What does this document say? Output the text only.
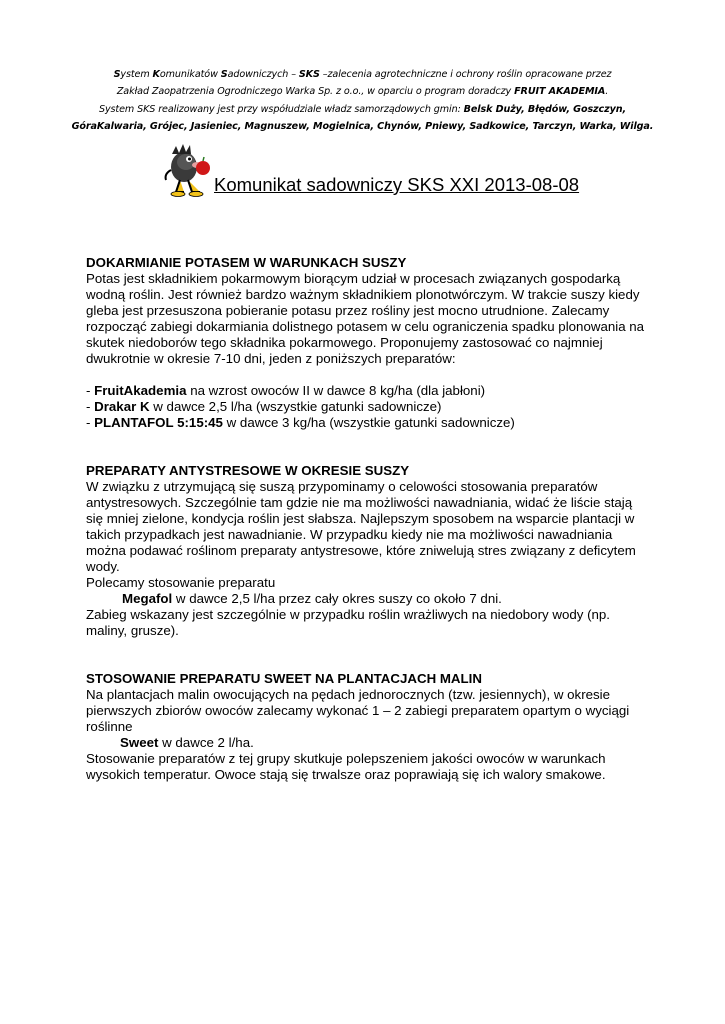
System Komunikatów Sadowniczych – SKS –zalecenia agrotechniczne i ochrony roślin opracowane przez
Zakład Zaopatrzenia Ogrodniczego Warka Sp. z o.o., w oparciu o program doradczy FRUIT AKADEMIA.
System SKS realizowany jest przy współudziale władz samorządowych gmin: Belsk Duży, Błędów, Goszczyn,
GóraKalwaria, Grójec, Jasieniec, Magnuszew, Mogielnica, Chynów, Pniewy, Sadkowice, Tarczyn, Warka, Wilga.
Komunikat sadowniczy SKS XXI 2013-08-08

DOKARMIANIE POTASEM W WARUNKACH SUSZY

Potas jest składnikiem pokarmowym biorącym udział w procesach związanych gospodarką

wodną roślin. Jest również bardzo ważnym składnikiem plonotwórczym. W trakcie suszy kiedy

gleba jest przesuszona pobieranie potasu przez rośliny jest mocno utrudnione. Zalecamy

rozpocząć zabiegi dokarmiania dolistnego potasem w celu ograniczenia spadku plonowania na

skutek niedoborów tego składnika pokarmowego. Proponujemy zastosować co najmniej

dwukrotnie w okresie 7-10 dni, jeden z poniższych preparatów:

- FruitAkademia na wzrost owoców II w dawce 8 kg/ha (dla jabłoni)

- Drakar K w dawce 2,5 l/ha (wszystkie gatunki sadownicze)

- PLANTAFOL 5:15:45 w dawce 3 kg/ha (wszystkie gatunki sadownicze)

PREPARATY ANTYSTRESOWE W OKRESIE SUSZY

W związku z utrzymującą się suszą przypominamy o celowości stosowania preparatów

antystresowych. Szczególnie tam gdzie nie ma możliwości nawadniania, widać że liście stają

się mniej zielone, kondycja roślin jest słabsza. Najlepszym sposobem na wsparcie plantacji w

takich przypadkach jest nawadnianie. W przypadku kiedy nie ma możliwości nawadniania

można podawać roślinom preparaty antystresowe, które zniwelują stres związany z deficytem

wody.

Polecamy stosowanie preparatu

Megafol w dawce 2,5 l/ha przez cały okres suszy co około 7 dni.

Zabieg wskazany jest szczególnie w przypadku roślin wrażliwych na niedobory wody (np.

maliny, grusze).

STOSOWANIE PREPARATU SWEET NA PLANTACJACH MALIN

Na plantacjach malin owocujących na pędach jednorocznych (tzw. jesiennych), w okresie

pierwszych zbiorów owoców zalecamy wykonać 1 – 2 zabiegi preparatem opartym o wyciągi

roślinne

Sweet w dawce 2 l/ha.

Stosowanie preparatów z tej grupy skutkuje polepszeniem jakości owoców w warunkach

wysokich temperatur. Owoce stają się trwalsze oraz poprawiają się ich walory smakowe.
